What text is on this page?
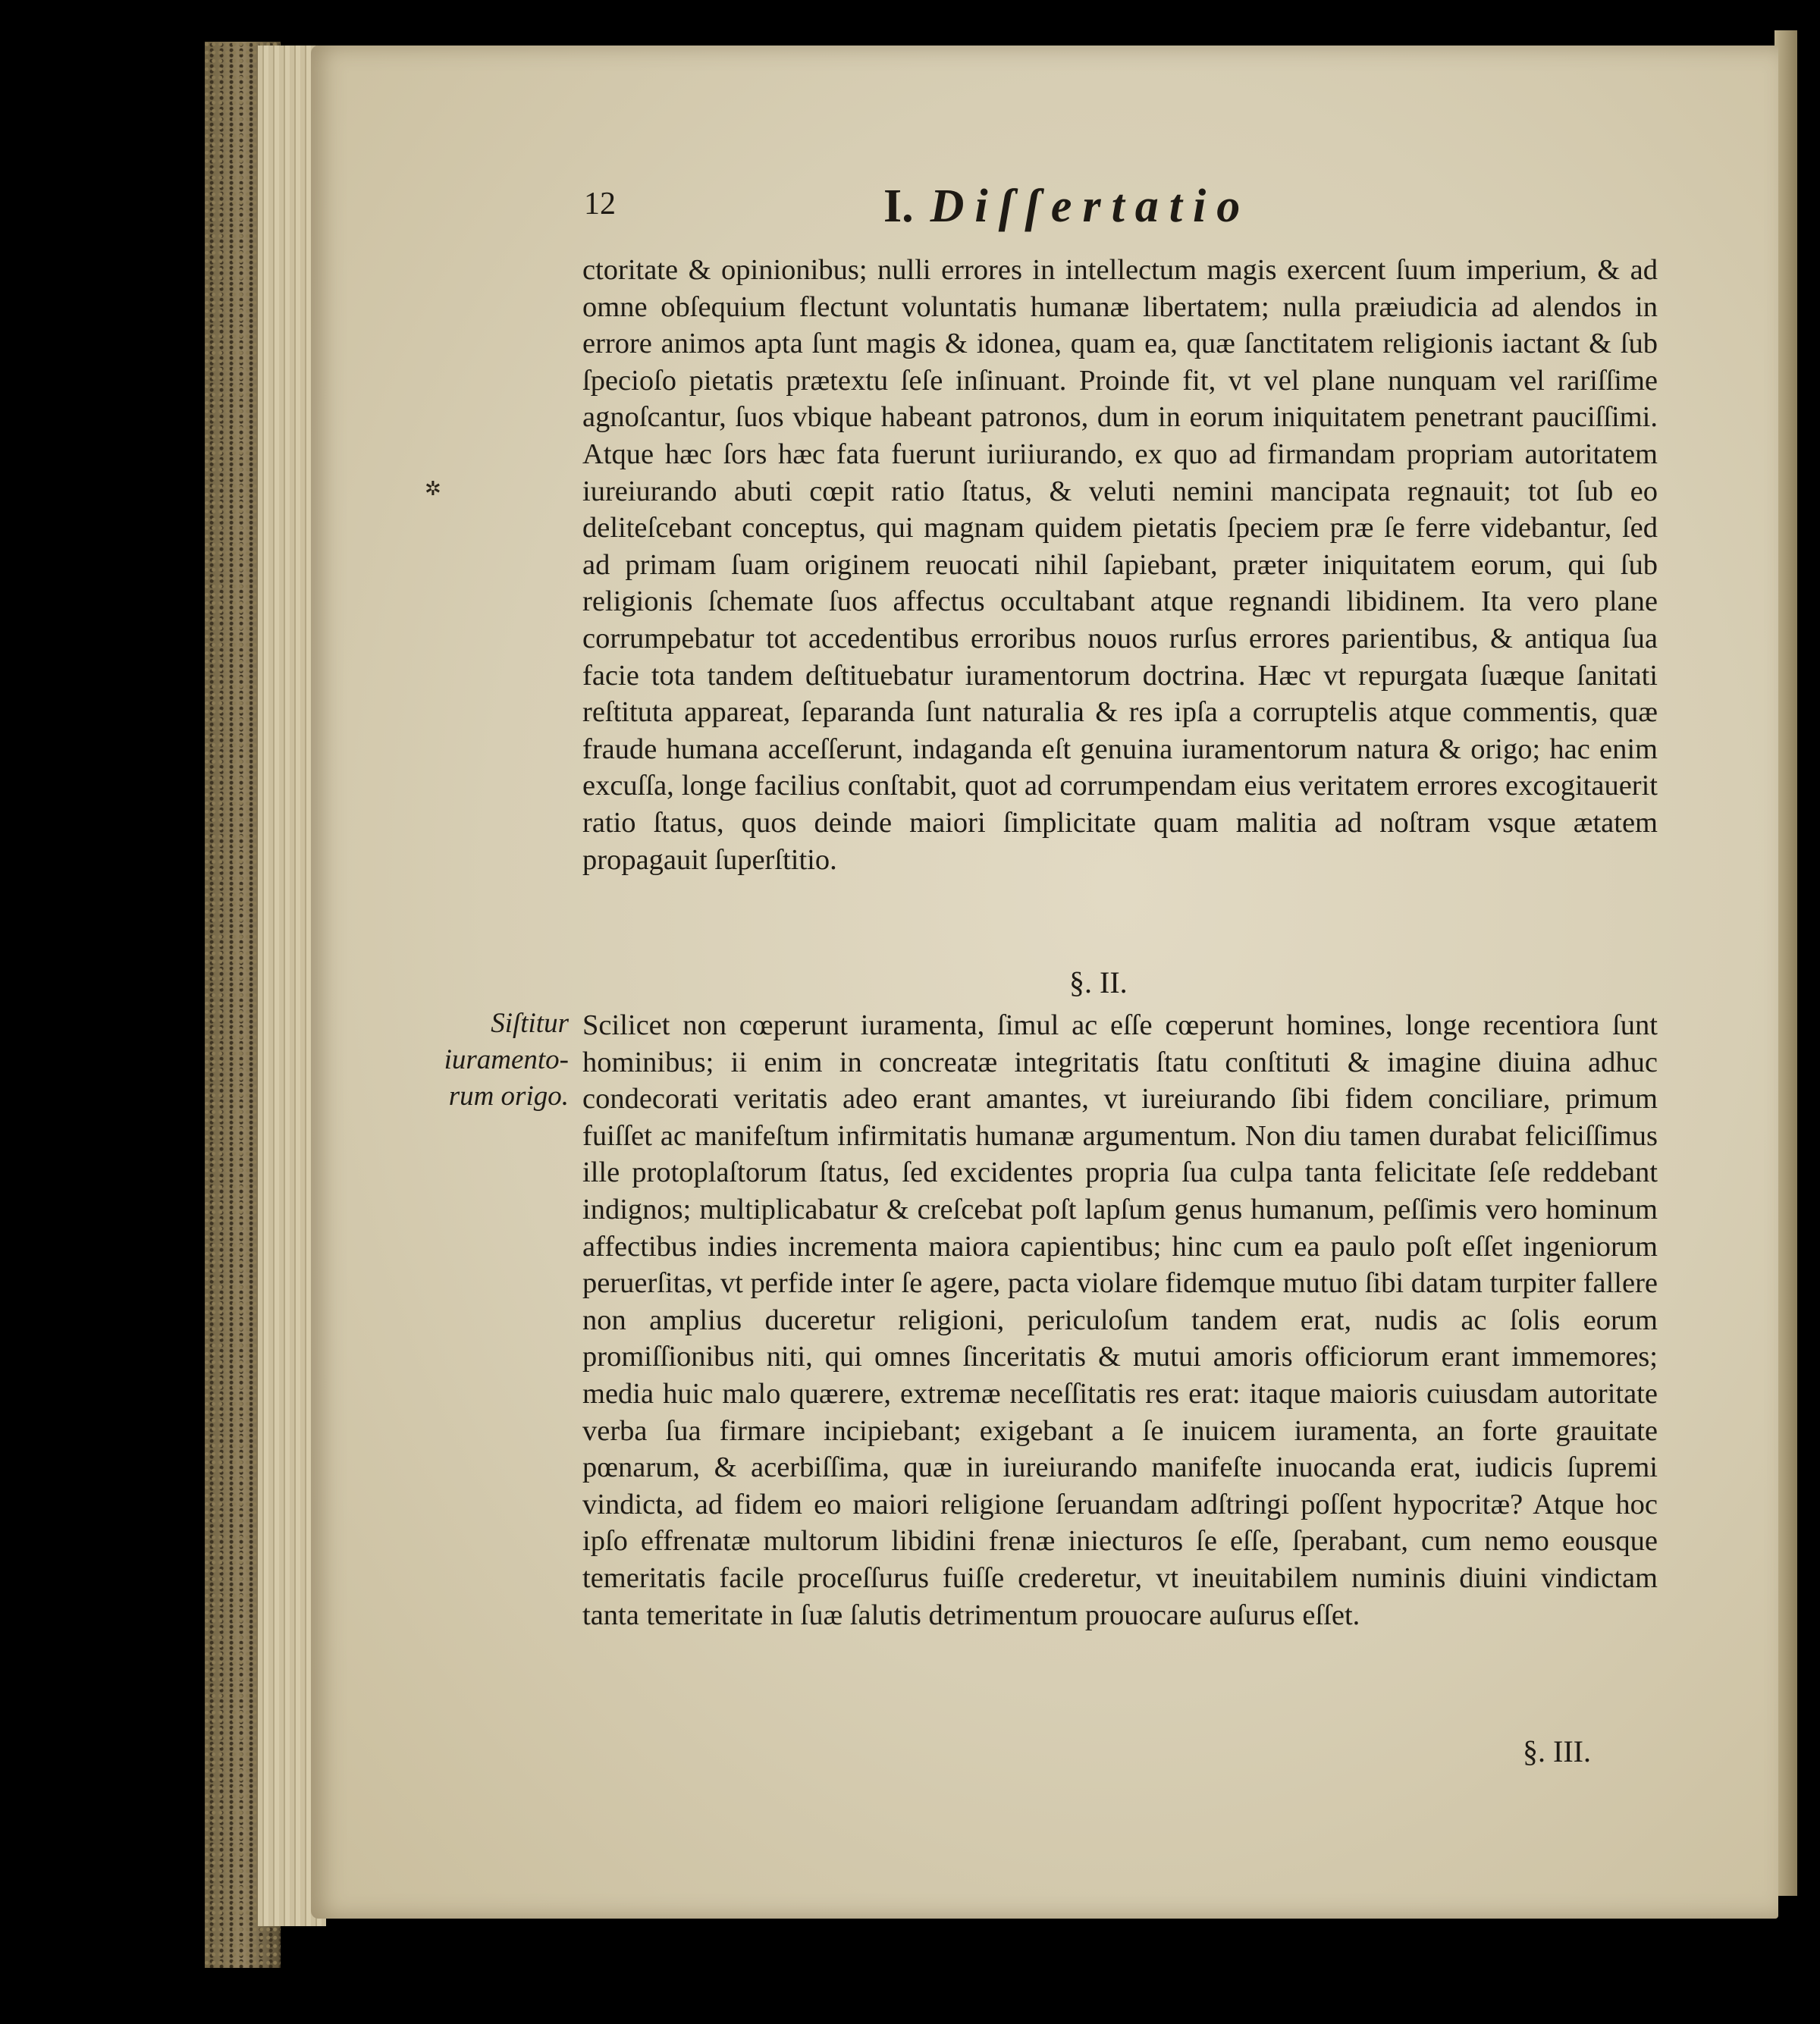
✲
12	I. Diſſertatio

ctoritate & opinionibus; nulli errores in intellectum magis exercent ſuum imperium, & ad omne obſequium flectunt voluntatis humanæ libertatem; nulla præiudicia ad alendos in errore animos apta ſunt magis & idonea, quam ea, quæ ſanctitatem religionis iactant & ſub ſpecioſo pietatis prætextu ſeſe inſinuant. Proinde fit, vt vel plane nunquam vel rariſſime agnoſcantur, ſuos vbique habeant patronos, dum in eorum iniquitatem penetrant pauciſſimi. Atque hæc ſors hæc fata fuerunt iuriiurando, ex quo ad firmandam propriam autoritatem iureiurando abuti cœpit ratio ſtatus, & veluti nemini mancipata regnauit; tot ſub eo deliteſcebant conceptus, qui magnam quidem pietatis ſpeciem præ ſe ferre videbantur, ſed ad primam ſuam originem reuocati nihil ſapiebant, præter iniquitatem eorum, qui ſub religionis ſchemate ſuos affectus occultabant atque regnandi libidinem. Ita vero plane corrumpebatur tot accedentibus erroribus nouos rurſus errores parientibus, & antiqua ſua facie tota tandem deſtituebatur iuramentorum doctrina. Hæc vt repurgata ſuæque ſanitati reſtituta appareat, ſeparanda ſunt naturalia & res ipſa a corruptelis atque commentis, quæ fraude humana acceſſerunt, indaganda eſt genuina iuramentorum natura & origo; hac enim excuſſa, longe facilius conſtabit, quot ad corrumpendam eius veritatem errores excogitauerit ratio ſtatus, quos deinde maiori ſimplicitate quam malitia ad noſtram vsque ætatem propagauit ſuperſtitio.

§. II.
Siſtitur
iuramento-
rum origo.

Scilicet non cœperunt iuramenta, ſimul ac eſſe cœperunt homines, longe recentiora ſunt hominibus; ii enim in concreatæ integritatis ſtatu conſtituti & imagine diuina adhuc condecorati veritatis adeo erant amantes, vt iureiurando ſibi fidem conciliare, primum fuiſſet ac manifeſtum infirmitatis humanæ argumentum. Non diu tamen durabat feliciſſimus ille protoplaſtorum ſtatus, ſed excidentes propria ſua culpa tanta felicitate ſeſe reddebant indignos; multiplicabatur & creſcebat poſt lapſum genus humanum, peſſimis vero hominum affectibus indies incrementa maiora capientibus; hinc cum ea paulo poſt eſſet ingeniorum peruerſitas, vt perfide inter ſe agere, pacta violare fidemque mutuo ſibi datam turpiter fallere non amplius duceretur religioni, periculoſum tandem erat, nudis ac ſolis eorum promiſſionibus niti, qui omnes ſinceritatis & mutui amoris officiorum erant immemores; media huic malo quærere, extremæ neceſſitatis res erat: itaque maioris cuiusdam autoritate verba ſua firmare incipiebant; exigebant a ſe inuicem iuramenta, an forte grauitate pœnarum, & acerbiſſima, quæ in iureiurando manifeſte inuocanda erat, iudicis ſupremi vindicta, ad fidem eo maiori religione ſeruandam adſtringi poſſent hypocritæ? Atque hoc ipſo effrenatæ multorum libidini frenæ iniecturos ſe eſſe, ſperabant, cum nemo eousque temeritatis facile proceſſurus fuiſſe crederetur, vt ineuitabilem numinis diuini vindictam tanta temeritate in ſuæ ſalutis detrimentum prouocare auſurus eſſet.

§. III.
